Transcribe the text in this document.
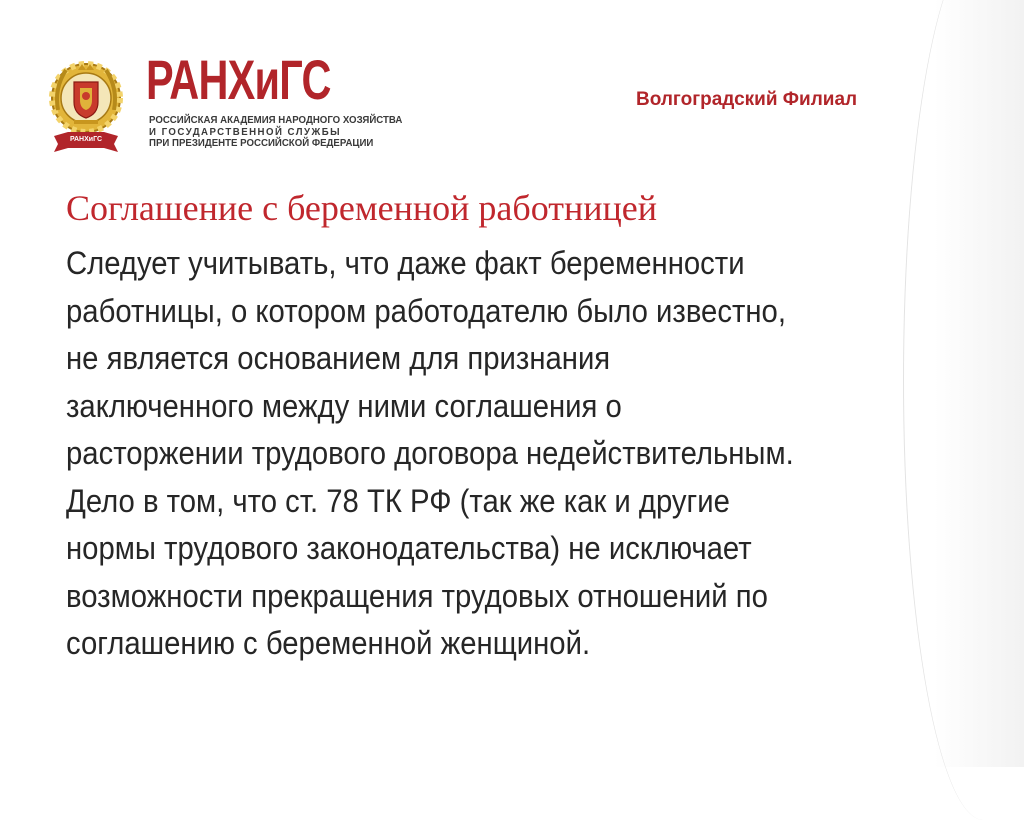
РАНХиГС
РАНХиГС
РОССИЙСКАЯ АКАДЕМИЯ НАРОДНОГО ХОЗЯЙСТВА
И ГОСУДАРСТВЕННОЙ СЛУЖБЫ
ПРИ ПРЕЗИДЕНТЕ РОССИЙСКОЙ ФЕДЕРАЦИИ
Волгоградский Филиал
Соглашение с беременной работницей
Следует учитывать, что даже факт беременности
работницы, о котором работодателю было известно,
не является основанием для признания
заключенного между ними соглашения о
расторжении трудового договора недействительным.
Дело в том, что ст. 78 ТК РФ (так же как и другие
нормы трудового законодательства) не исключает
возможности прекращения трудовых отношений по
соглашению с беременной женщиной.
